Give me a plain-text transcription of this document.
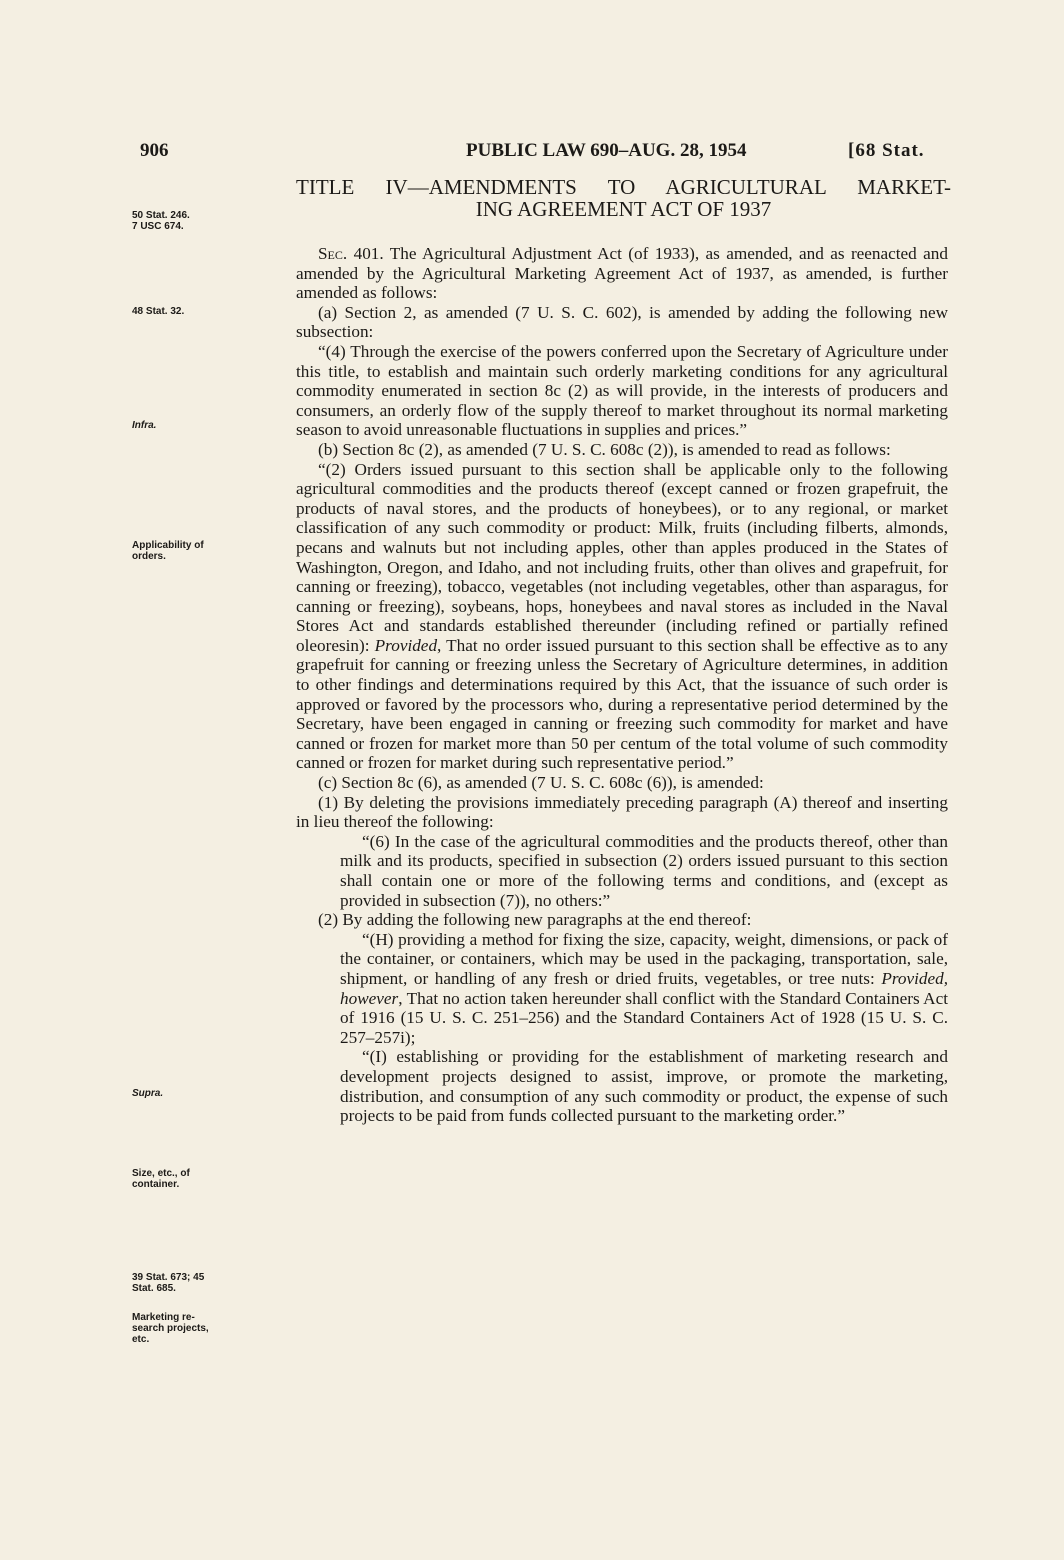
906	PUBLIC LAW 690–AUG. 28, 1954	[68 Stat.
50 Stat. 246.
7 USC 674.
48 Stat. 32.
Infra.
Applicability of
orders.
Supra.
Size, etc., of
container.
39 Stat. 673; 45
Stat. 685.
Marketing re-
search projects,
etc.
TITLE IV—AMENDMENTS TO AGRICULTURAL MARKET-
ING AGREEMENT ACT OF 1937

Sec. 401. The Agricultural Adjustment Act (of 1933), as amended, and as reenacted and amended by the Agricultural Marketing Agreement Act of 1937, as amended, is further amended as follows:

(a) Section 2, as amended (7 U. S. C. 602), is amended by adding the following new subsection:

“(4) Through the exercise of the powers conferred upon the Secretary of Agriculture under this title, to establish and maintain such orderly marketing conditions for any agricultural commodity enumerated in section 8c (2) as will provide, in the interests of producers and consumers, an orderly flow of the supply thereof to market throughout its normal marketing season to avoid unreasonable fluctuations in supplies and prices.”

(b) Section 8c (2), as amended (7 U. S. C. 608c (2)), is amended to read as follows:

“(2) Orders issued pursuant to this section shall be applicable only to the following agricultural commodities and the products thereof (except canned or frozen grapefruit, the products of naval stores, and the products of honeybees), or to any regional, or market classification of any such commodity or product: Milk, fruits (including filberts, almonds, pecans and walnuts but not including apples, other than apples produced in the States of Washington, Oregon, and Idaho, and not including fruits, other than olives and grapefruit, for canning or freezing), tobacco, vegetables (not including vegetables, other than asparagus, for canning or freezing), soybeans, hops, honeybees and naval stores as included in the Naval Stores Act and standards established thereunder (including refined or partially refined oleoresin): Provided, That no order issued pursuant to this section shall be effective as to any grapefruit for canning or freezing unless the Secretary of Agriculture determines, in addition to other findings and determinations required by this Act, that the issuance of such order is approved or favored by the processors who, during a representative period determined by the Secretary, have been engaged in canning or freezing such commodity for market and have canned or frozen for market more than 50 per centum of the total volume of such commodity canned or frozen for market during such representative period.”

(c) Section 8c (6), as amended (7 U. S. C. 608c (6)), is amended:

(1) By deleting the provisions immediately preceding paragraph (A) thereof and inserting in lieu thereof the following:

“(6) In the case of the agricultural commodities and the products thereof, other than milk and its products, specified in subsection (2) orders issued pursuant to this section shall contain one or more of the following terms and conditions, and (except as provided in subsection (7)), no others:”

(2) By adding the following new paragraphs at the end thereof:

“(H) providing a method for fixing the size, capacity, weight, dimensions, or pack of the container, or containers, which may be used in the packaging, transportation, sale, shipment, or handling of any fresh or dried fruits, vegetables, or tree nuts: Provided, however, That no action taken hereunder shall conflict with the Standard Containers Act of 1916 (15 U. S. C. 251–256) and the Standard Containers Act of 1928 (15 U. S. C. 257–257i);

“(I) establishing or providing for the establishment of marketing research and development projects designed to assist, improve, or promote the marketing, distribution, and consumption of any such commodity or product, the expense of such projects to be paid from funds collected pursuant to the marketing order.”
